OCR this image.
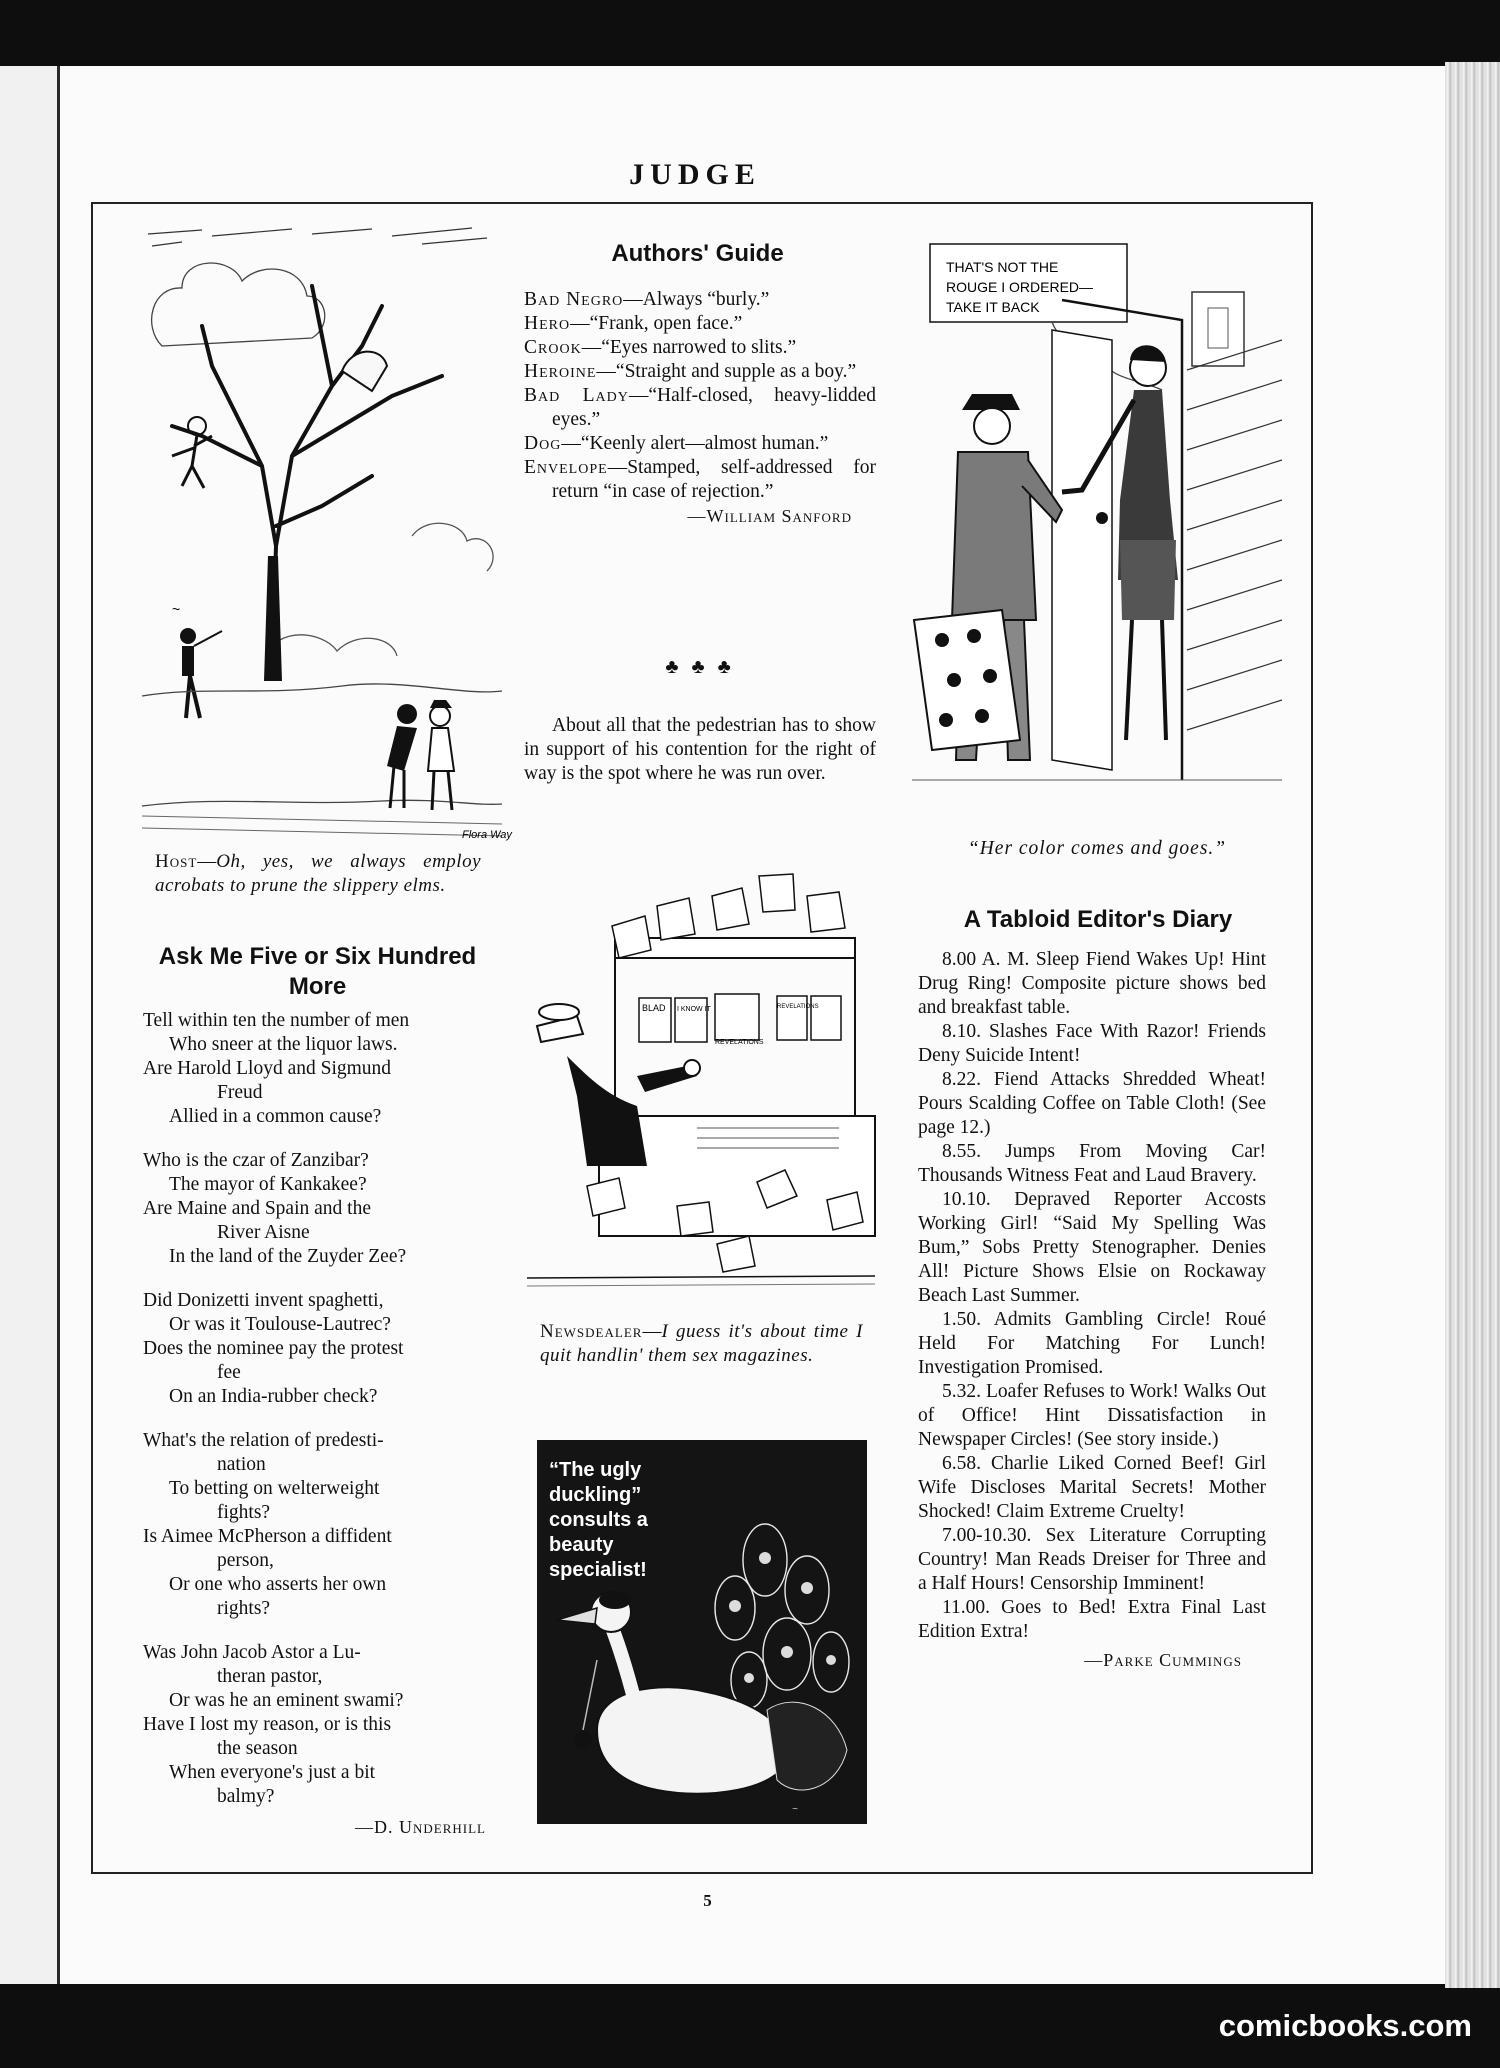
JUDGE
~
Flora Way
Host—Oh, yes, we always employ acrobats to prune the slippery elms.
Ask Me Five or Six Hundred More
Tell within ten the number of men
Who sneer at the liquor laws.
Are Harold Lloyd and Sigmund
Freud
Allied in a common cause?
Who is the czar of Zanzibar?
The mayor of Kankakee?
Are Maine and Spain and the
River Aisne
In the land of the Zuyder Zee?
Did Donizetti invent spaghetti,
Or was it Toulouse-Lautrec?
Does the nominee pay the protest
fee
On an India-rubber check?
What's the relation of predesti-
nation
To betting on welterweight
fights?
Is Aimee McPherson a diffident
person,
Or one who asserts her own
rights?
Was John Jacob Astor a Lu-
theran pastor,
Or was he an eminent swami?
Have I lost my reason, or is this
the season
When everyone's just a bit
balmy?
—D. Underhill
Authors' Guide

Bad Negro—Always “burly.”

Hero—“Frank, open face.”

Crook—“Eyes narrowed to slits.”

Heroine—“Straight and supple as a boy.”

Bad Lady—“Half-closed, heavy-lidded eyes.”

Dog—“Keenly alert—almost human.”

Envelope—Stamped, self-addressed for return “in case of rejection.”

—William Sanford
♣ ♣ ♣

About all that the pedestrian has to show in support of his contention for the right of way is the spot where he was run over.

BLAD I KNOW IT
REVELATIONS
REVELATIONS
Newsdealer—I guess it's about time I quit handlin' them sex magazines.
~
“The ugly duckling” consults a beauty specialist!
THAT'S NOT THE ROUGE I ORDERED— TAKE IT BACK
“Her color comes and goes.”
A Tabloid Editor's Diary

8.00 A. M. Sleep Fiend Wakes Up! Hint Drug Ring! Composite picture shows bed and breakfast table.

8.10. Slashes Face With Razor! Friends Deny Suicide Intent!

8.22. Fiend Attacks Shredded Wheat! Pours Scalding Coffee on Table Cloth! (See page 12.)

8.55. Jumps From Moving Car! Thousands Witness Feat and Laud Bravery.

10.10. Depraved Reporter Accosts Working Girl! “Said My Spelling Was Bum,” Sobs Pretty Stenographer. Denies All! Picture Shows Elsie on Rockaway Beach Last Summer.

1.50. Admits Gambling Circle! Roué Held For Matching For Lunch! Investigation Promised.

5.32. Loafer Refuses to Work! Walks Out of Office! Hint Dissatisfaction in Newspaper Circles! (See story inside.)

6.58. Charlie Liked Corned Beef! Girl Wife Discloses Marital Secrets! Mother Shocked! Claim Extreme Cruelty!

7.00-10.30. Sex Literature Corrupting Country! Man Reads Dreiser for Three and a Half Hours! Censorship Imminent!

11.00. Goes to Bed! Extra Final Last Edition Extra!

—Parke Cummings
5
comicbooks.com
